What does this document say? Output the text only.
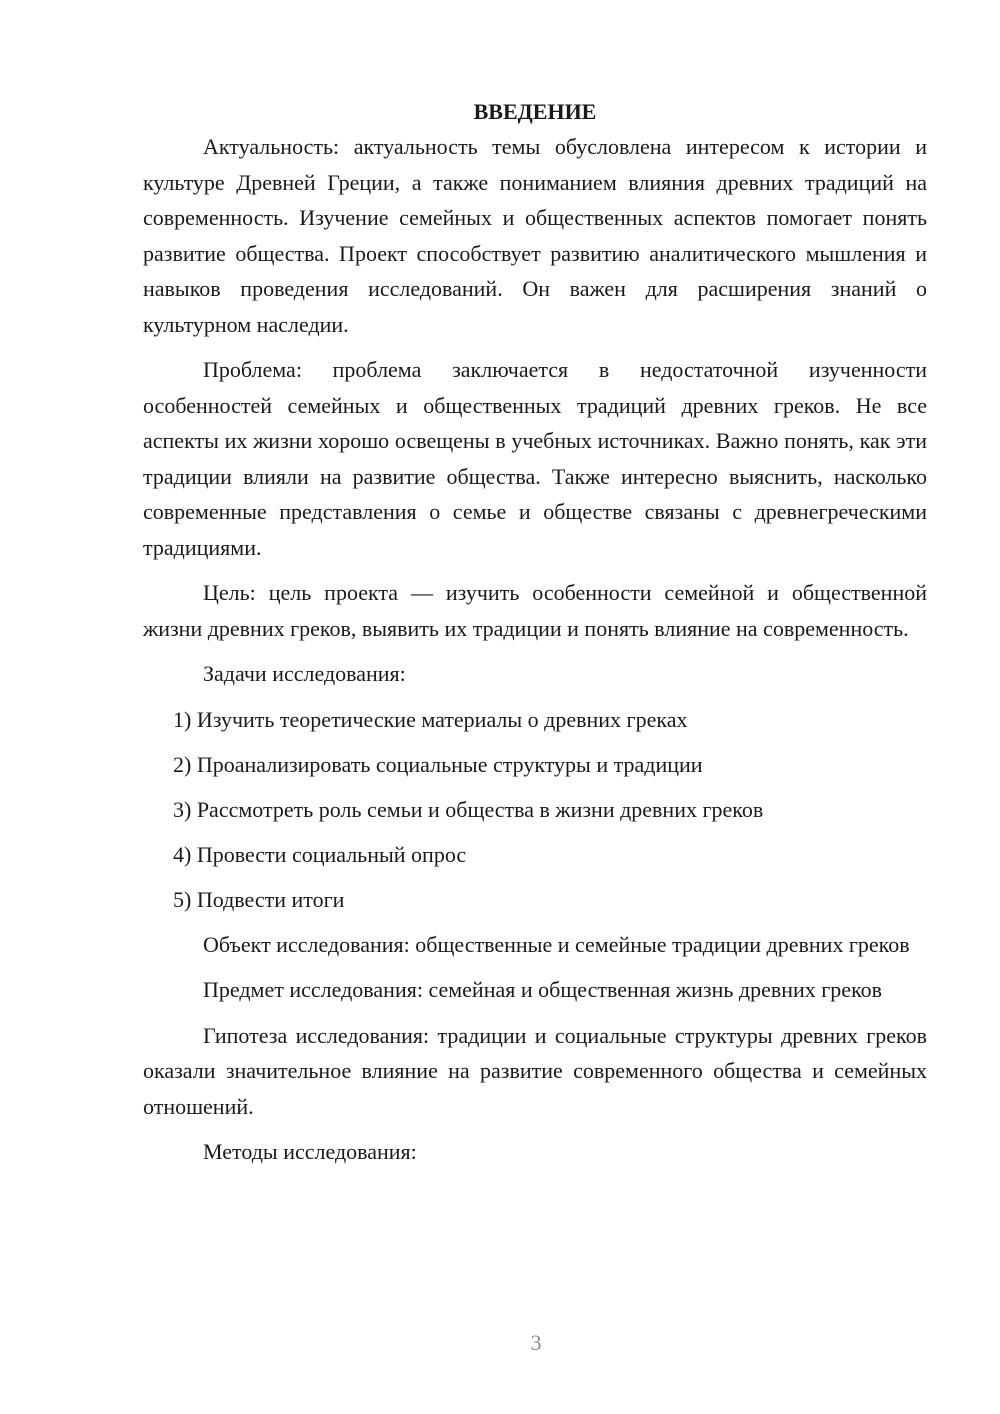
ВВЕДЕНИЕ

Актуальность: актуальность темы обусловлена интересом к истории и культуре Древней Греции, а также пониманием влияния древних традиций на современность. Изучение семейных и общественных аспектов помогает понять развитие общества. Проект способствует развитию аналитического мышления и навыков проведения исследований. Он важен для расширения знаний о культурном наследии.

Проблема: проблема заключается в недостаточной изученности особенностей семейных и общественных традиций древних греков. Не все аспекты их жизни хорошо освещены в учебных источниках. Важно понять, как эти традиции влияли на развитие общества. Также интересно выяснить, насколько современные представления о семье и обществе связаны с древнегреческими традициями.

Цель: цель проекта — изучить особенности семейной и общественной жизни древних греков, выявить их традиции и понять влияние на современность.

Задачи исследования:

1) Изучить теоретические материалы о древних греках
2) Проанализировать социальные структуры и традиции
3) Рассмотреть роль семьи и общества в жизни древних греков
4) Провести социальный опрос
5) Подвести итоги

Объект исследования: общественные и семейные традиции древних греков

Предмет исследования: семейная и общественная жизнь древних греков

Гипотеза исследования: традиции и социальные структуры древних греков оказали значительное влияние на развитие современного общества и семейных отношений.

Методы исследования:

3
